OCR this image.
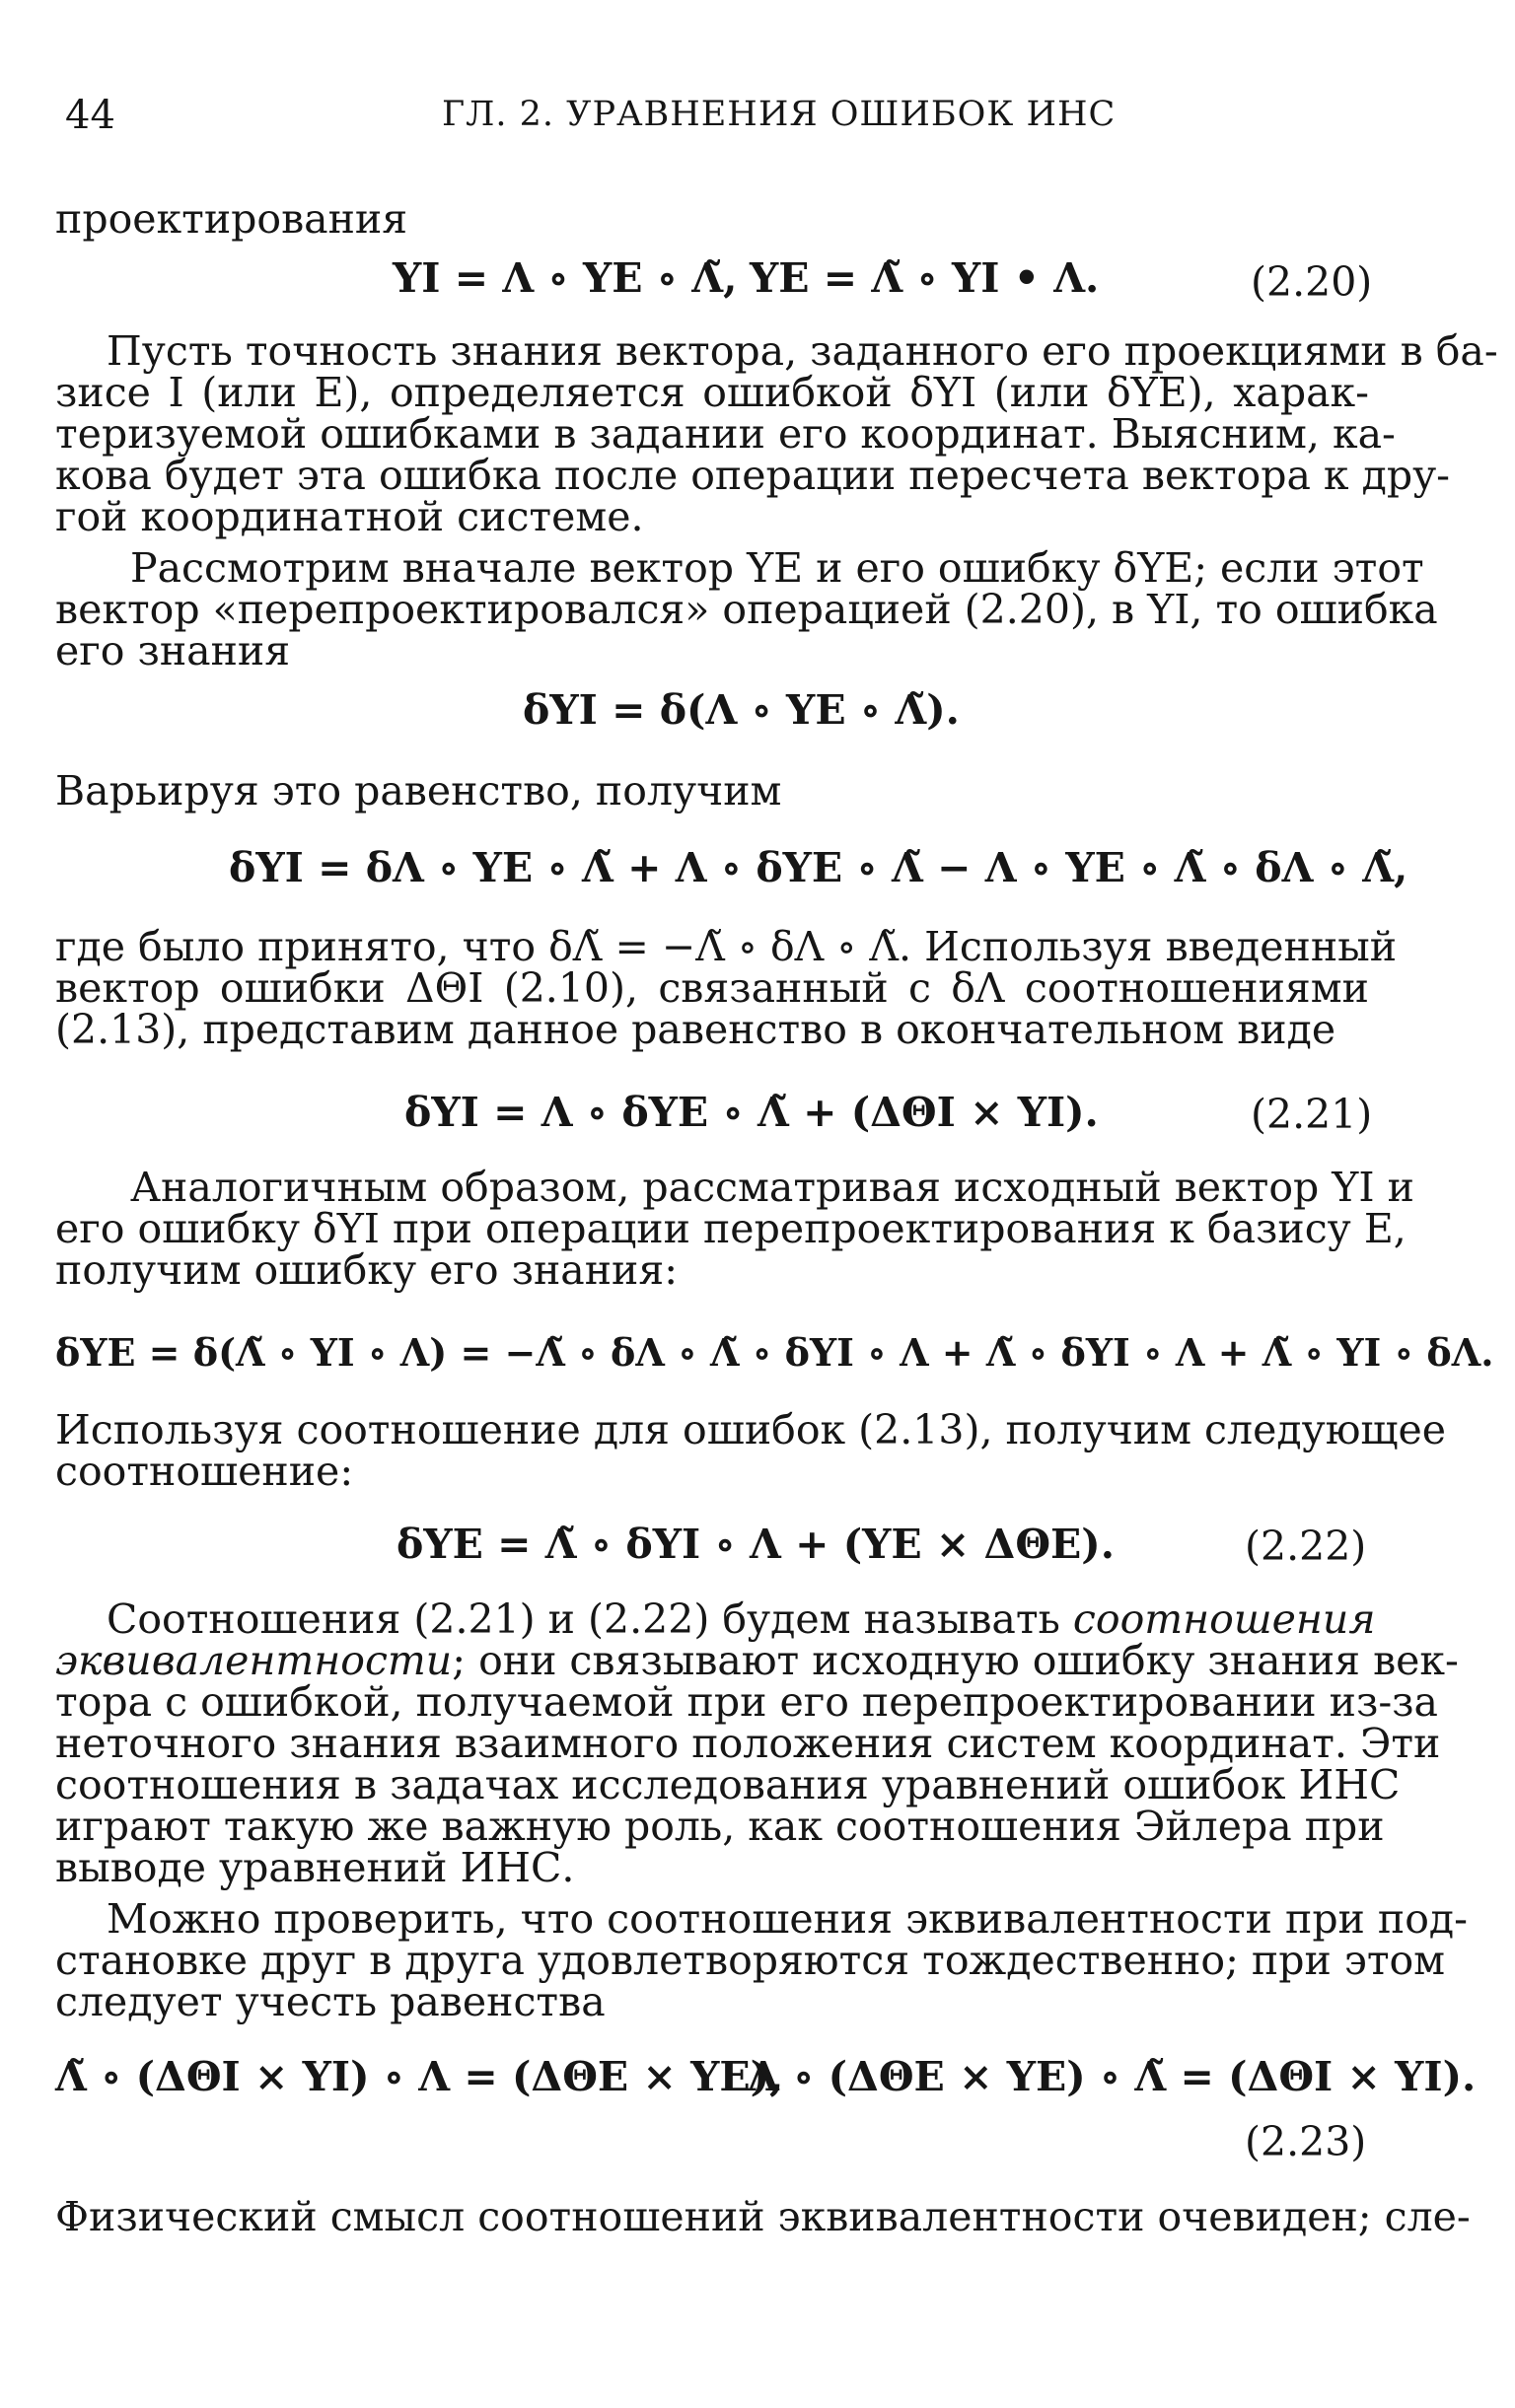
44	ГЛ. 2. УРАВНЕНИЯ ОШИБОК ИНС
проектирования
YI = Λ ∘ YE ∘ Λ̃, YE = Λ̃ ∘ YI • Λ.	(2.20)
Пусть точность знания вектора, заданного его проекциями в ба-
зисе I (или E), определяется ошибкой δYI (или δYE), харак-
теризуемой ошибками в задании его координат. Выясним, ка-
кова будет эта ошибка после операции пересчета вектора к дру-
гой координатной системе.
Рассмотрим вначале вектор YE и его ошибку δYE; если этот
вектор «перепроектировался» операцией (2.20), в YI, то ошибка
его знания
δYI = δ(Λ ∘ YE ∘ Λ̃).
Варьируя это равенство, получим
δYI = δΛ ∘ YE ∘ Λ̃ + Λ ∘ δYE ∘ Λ̃ − Λ ∘ YE ∘ Λ̃ ∘ δΛ ∘ Λ̃,
где было принято, что δΛ̃ = −Λ̃ ∘ δΛ ∘ Λ̃. Используя введенный
вектор ошибки ΔΘI (2.10), связанный с δΛ соотношениями
(2.13), представим данное равенство в окончательном виде
δYI = Λ ∘ δYE ∘ Λ̃ + (ΔΘI × YI).	(2.21)
Аналогичным образом, рассматривая исходный вектор YI и
его ошибку δYI при операции перепроектирования к базису E,
получим ошибку его знания:
δYE = δ(Λ̃ ∘ YI ∘ Λ) = −Λ̃ ∘ δΛ ∘ Λ̃ ∘ δYI ∘ Λ + Λ̃ ∘ δYI ∘ Λ + Λ̃ ∘ YI ∘ δΛ.
Используя соотношение для ошибок (2.13), получим следующее
соотношение:
δYE = Λ̃ ∘ δYI ∘ Λ + (YE × ΔΘE).	(2.22)
Соотношения (2.21) и (2.22) будем называть соотношения
эквивалентности; они связывают исходную ошибку знания век-
тора с ошибкой, получаемой при его перепроектировании из-за
неточного знания взаимного положения систем координат. Эти
соотношения в задачах исследования уравнений ошибок ИНС
играют такую же важную роль, как соотношения Эйлера при
выводе уравнений ИНС.
Можно проверить, что соотношения эквивалентности при под-
становке друг в друга удовлетворяются тождественно; при этом
следует учесть равенства
Λ̃ ∘ (ΔΘI × YI) ∘ Λ = (ΔΘE × YE),
Λ ∘ (ΔΘE × YE) ∘ Λ̃ = (ΔΘI × YI).
(2.23)
Физический смысл соотношений эквивалентности очевиден; сле-
